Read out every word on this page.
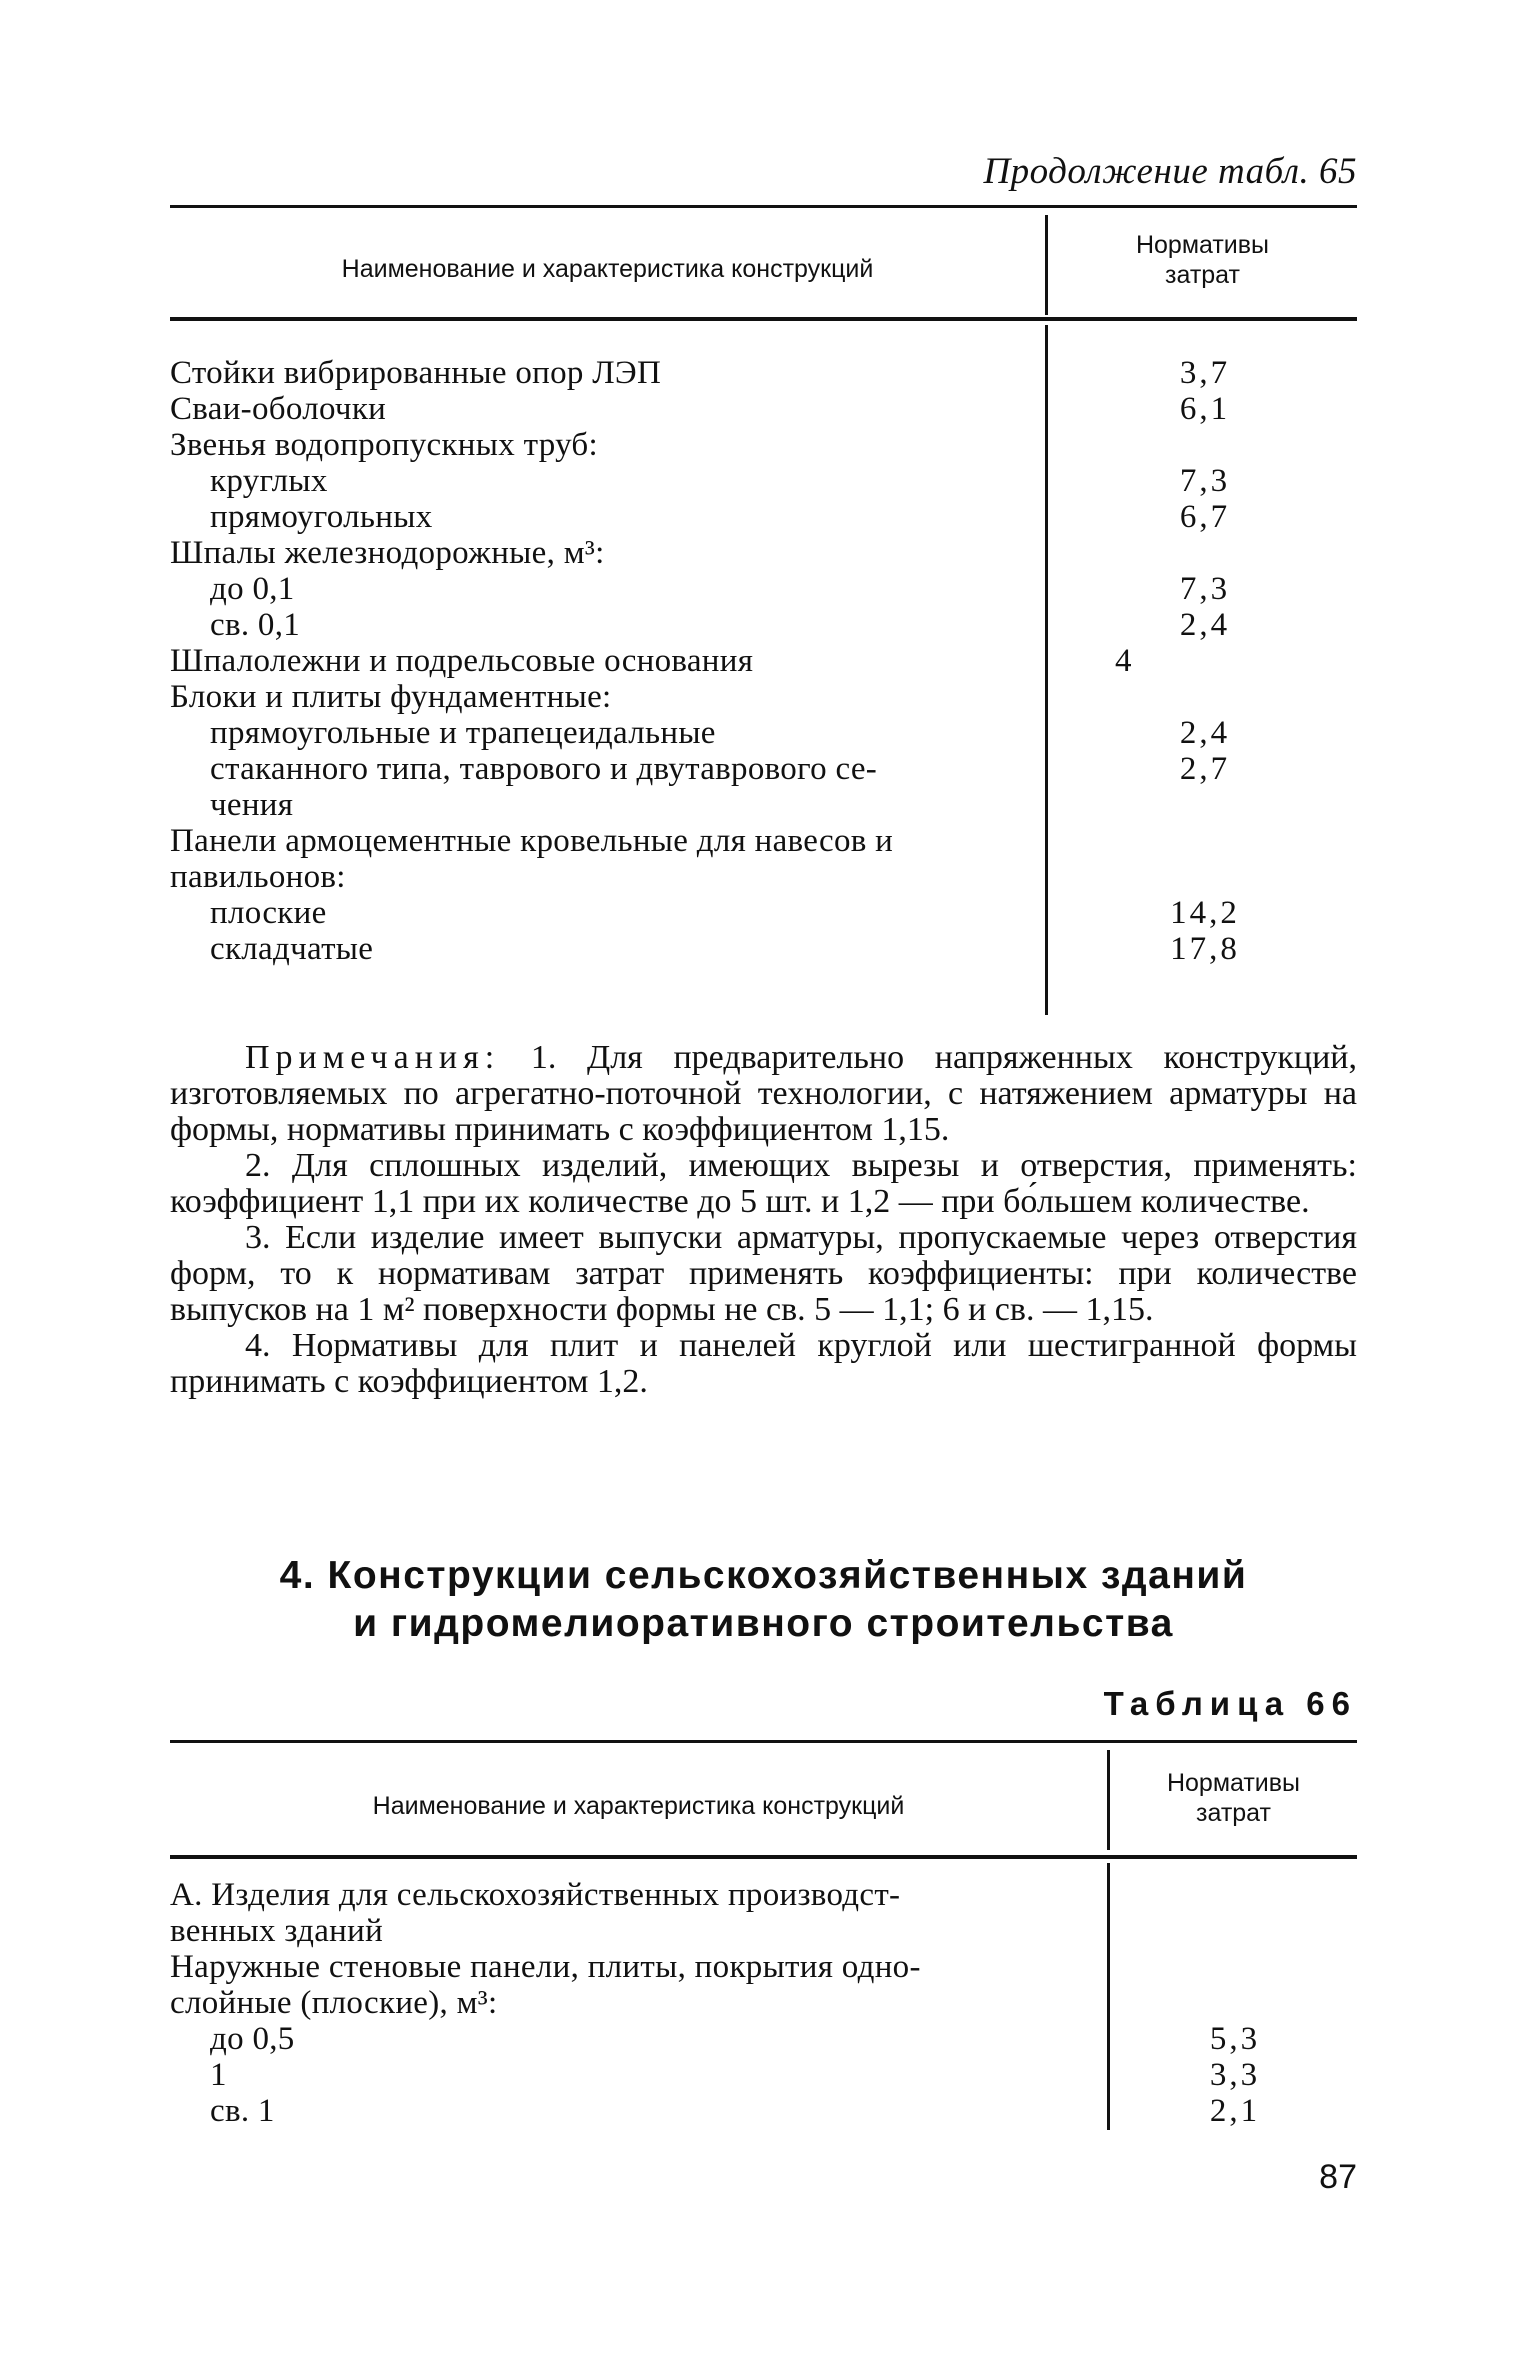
Продолжение табл. 65
Наименование и характеристика конструкций
Нормативы
затрат
Стойки вибрированные опор ЛЭП	3,7
Сваи-оболочки	6,1
Звенья водопропускных труб:
круглых	7,3
прямоугольных	6,7
Шпалы железнодорожные, м³:
до 0,1	7,3
св. 0,1	2,4
Шпалолежни и подрельсовые основания	4
Блоки и плиты фундаментные:
прямоугольные и трапецеидальные	2,4
стаканного типа, таврового и двутаврового се-	2,7
чения
Панели армоцементные кровельные для навесов и
павильонов:
плоские	14,2
складчатые	17,8

Примечания: 1. Для предварительно напряженных конструкций, изготовляемых по агрегатно-поточной технологии, с натяжением арматуры на формы, нормативы принимать с коэффициентом 1,15.

2. Для сплошных изделий, имеющих вырезы и отверстия, применять: коэффициент 1,1 при их количестве до 5 шт. и 1,2 — при бо́льшем количестве.

3. Если изделие имеет выпуски арматуры, пропускаемые через отверстия форм, то к нормативам затрат применять коэффициенты: при количестве выпусков на 1 м² поверхности формы не св. 5 — 1,1; 6 и св. — 1,15.

4. Нормативы для плит и панелей круглой или шестигранной формы принимать с коэффициентом 1,2.

4. Конструкции сельскохозяйственных зданий
и гидромелиоративного строительства
Таблица 66
Наименование и характеристика конструкций
Нормативы
затрат
А. Изделия для сельскохозяйственных производст-
венных зданий
Наружные стеновые панели, плиты, покрытия одно-
слойные (плоские), м³:
до 0,5	5,3
1	3,3
св. 1	2,1
87
